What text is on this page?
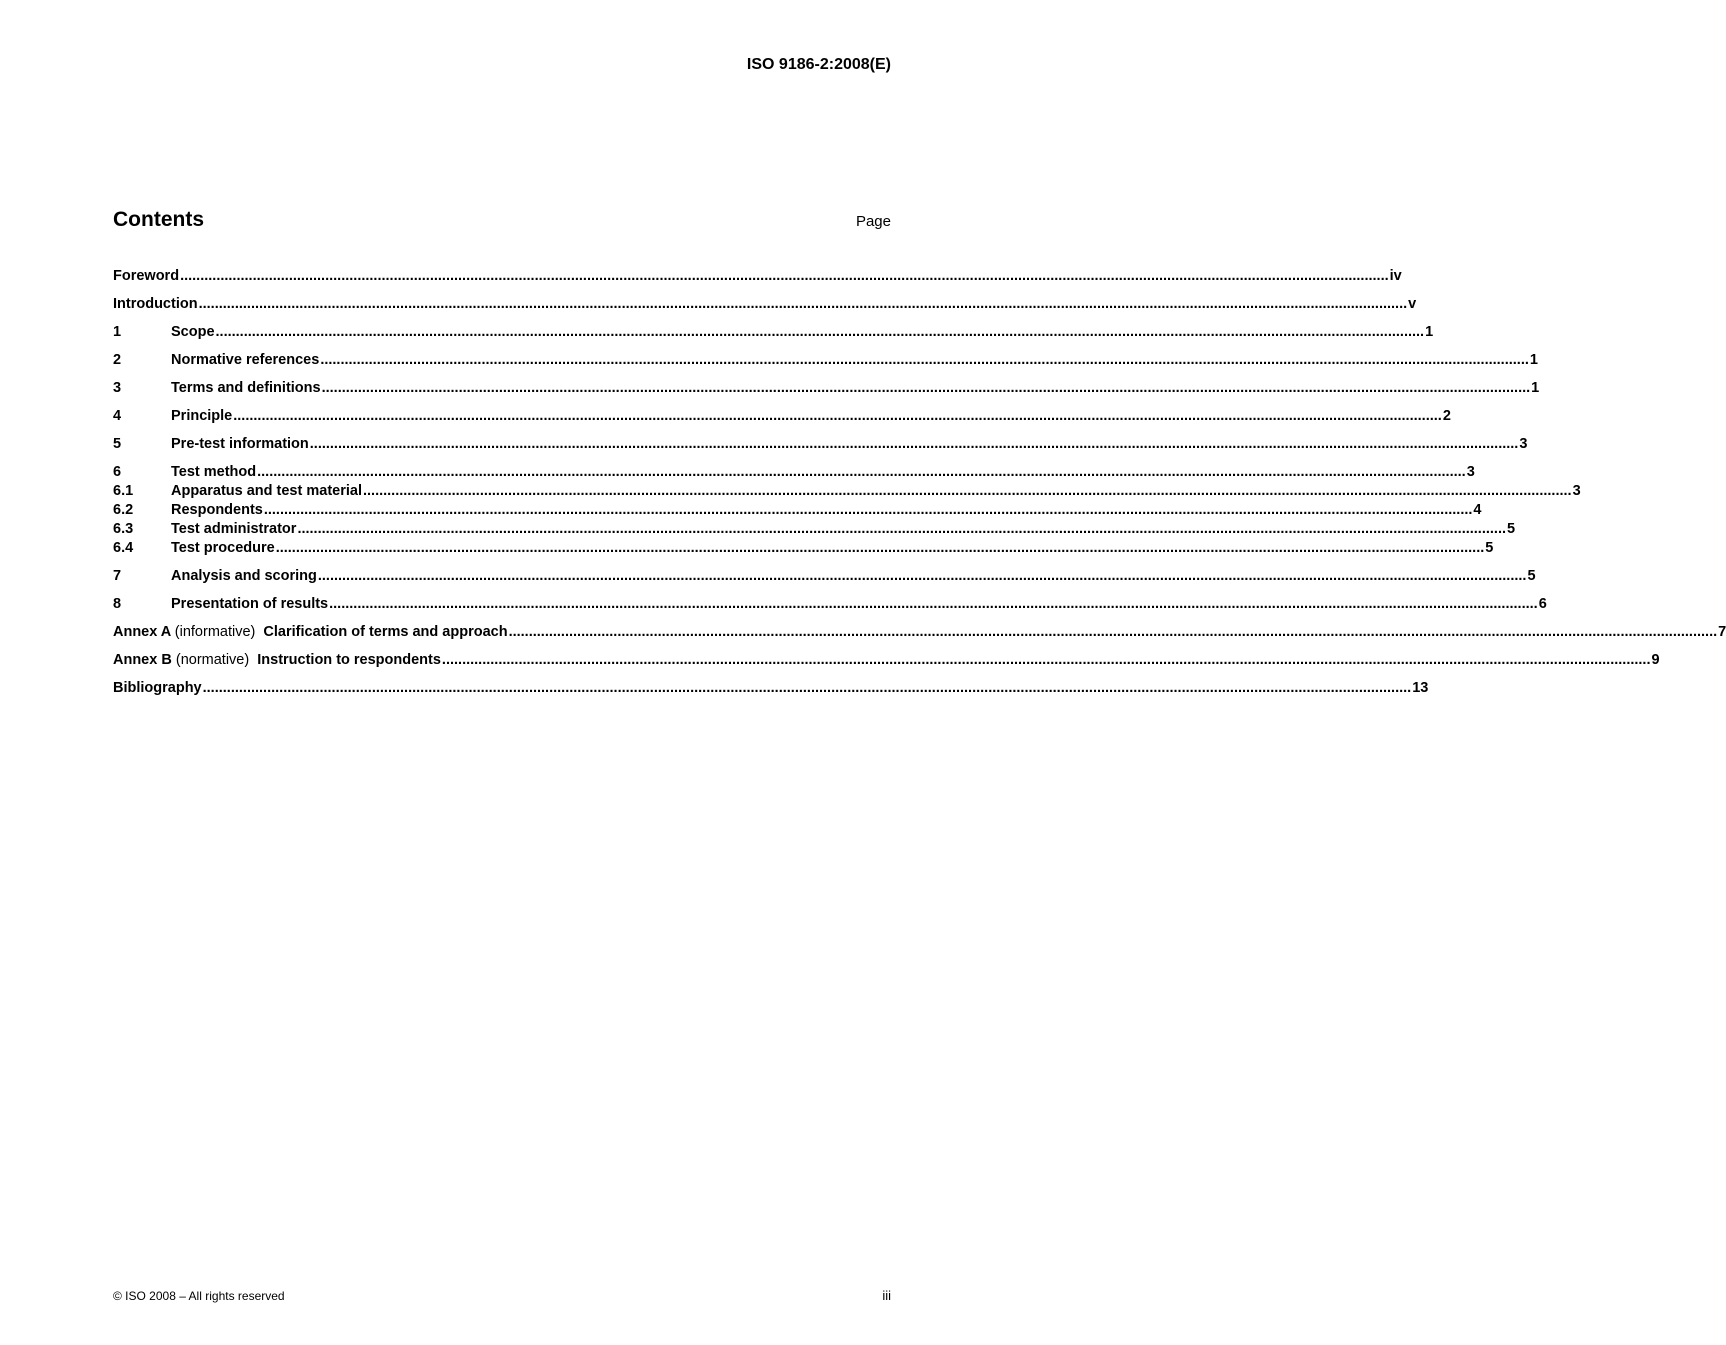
ISO 9186-2:2008(E)
Contents	Page
Foreword ............................................................................................................................................................................................................................................................................................................ iv
Introduction ............................................................................................................................................................................................................................................................................................................ v
1	Scope ............................................................................................................................................................................................................................................................................................................ 1
2	Normative references ............................................................................................................................................................................................................................................................................................................ 1
3	Terms and definitions ............................................................................................................................................................................................................................................................................................................ 1
4	Principle ............................................................................................................................................................................................................................................................................................................ 2
5	Pre-test information ............................................................................................................................................................................................................................................................................................................ 3
6	Test method ............................................................................................................................................................................................................................................................................................................ 3
6.1	Apparatus and test material ............................................................................................................................................................................................................................................................................................................ 3
6.2	Respondents ............................................................................................................................................................................................................................................................................................................ 4
6.3	Test administrator ............................................................................................................................................................................................................................................................................................................ 5
6.4	Test procedure ............................................................................................................................................................................................................................................................................................................ 5
7	Analysis and scoring ............................................................................................................................................................................................................................................................................................................ 5
8	Presentation of results ............................................................................................................................................................................................................................................................................................................ 6
Annex A (informative) Clarification of terms and approach ............................................................................................................................................................................................................................................................................................................ 7
Annex B (normative) Instruction to respondents ............................................................................................................................................................................................................................................................................................................ 9
Bibliography ............................................................................................................................................................................................................................................................................................................ 13
© ISO 2008 – All rights reserved	iii
